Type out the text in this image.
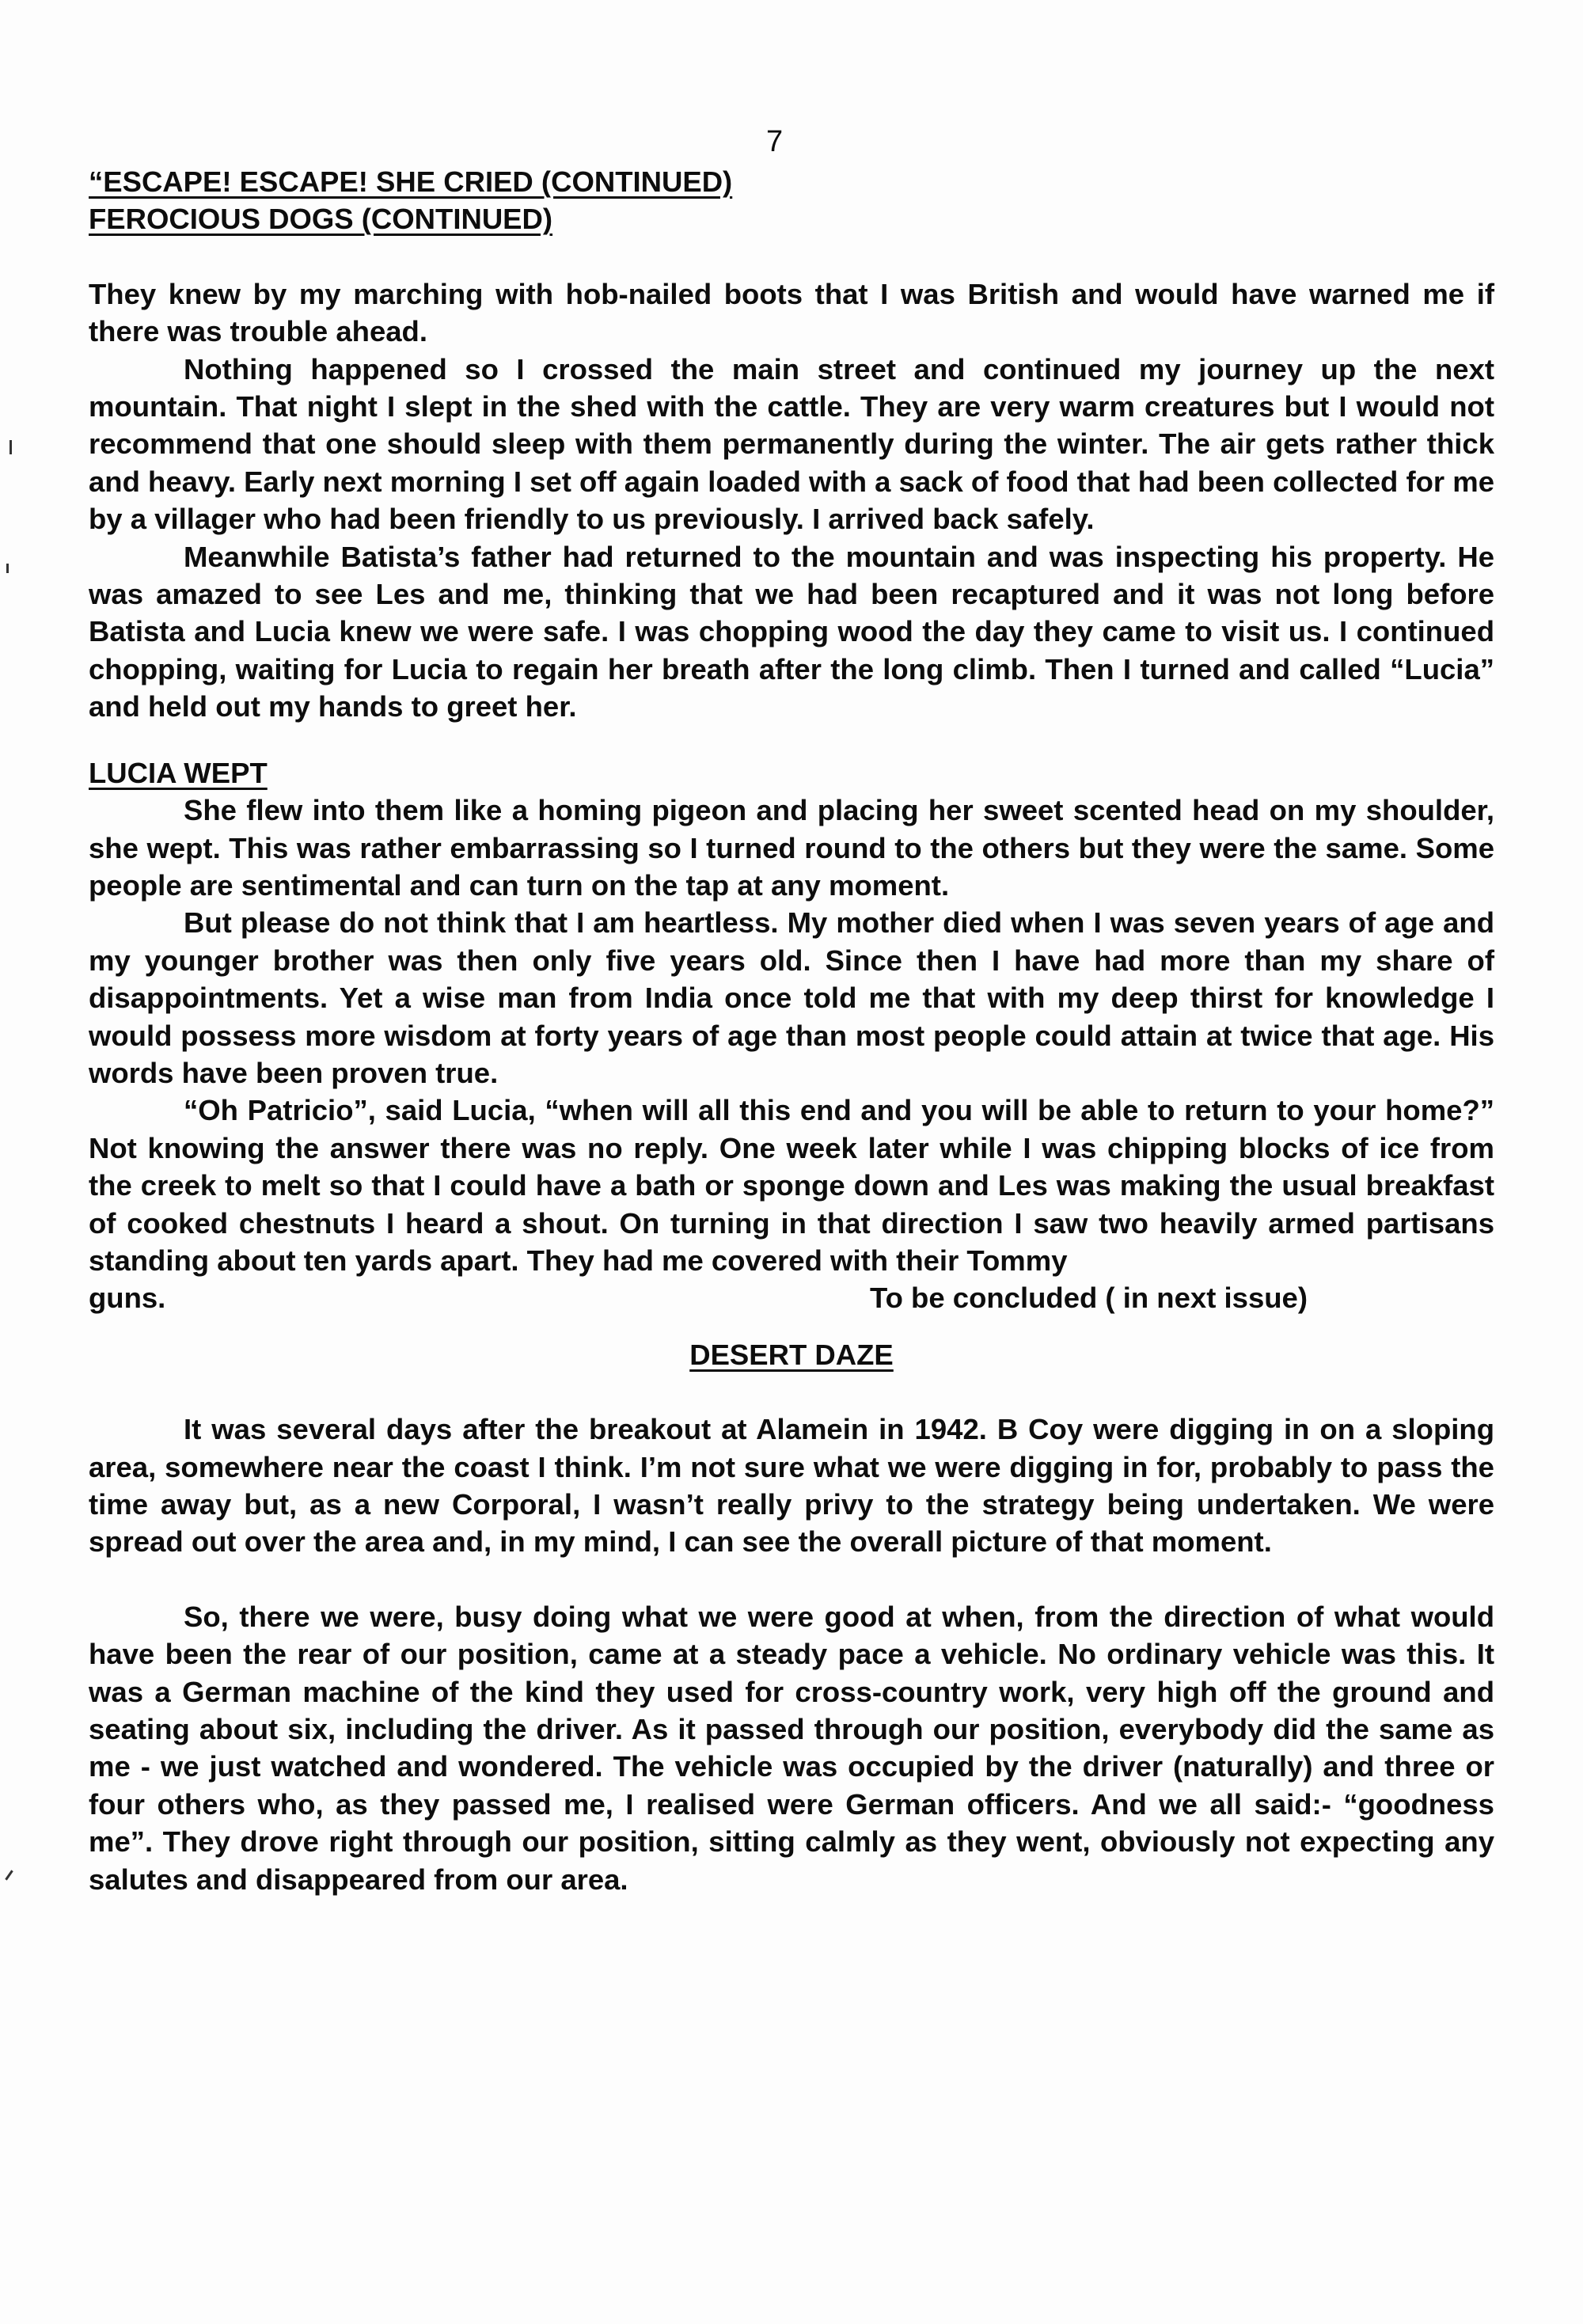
7
“ESCAPE! ESCAPE! SHE CRIED (CONTINUED)
FEROCIOUS DOGS (CONTINUED)

They knew by my marching with hob-nailed boots that I was British and would have warned me if there was trouble ahead.

Nothing happened so I crossed the main street and continued my journey up the next mountain. That night I slept in the shed with the cattle. They are very warm creatures but I would not recommend that one should sleep with them permanently during the winter. The air gets rather thick and heavy. Early next morning I set off again loaded with a sack of food that had been collected for me by a villager who had been friendly to us previously. I arrived back safely.

Meanwhile Batista’s father had returned to the mountain and was inspecting his property. He was amazed to see Les and me, thinking that we had been recaptured and it was not long before Batista and Lucia knew we were safe. I was chopping wood the day they came to visit us. I continued chopping, waiting for Lucia to regain her breath after the long climb. Then I turned and called “Lucia” and held out my hands to greet her.

LUCIA WEPT

She flew into them like a homing pigeon and placing her sweet scented head on my shoulder, she wept. This was rather embarrassing so I turned round to the others but they were the same. Some people are sentimental and can turn on the tap at any moment.

But please do not think that I am heartless. My mother died when I was seven years of age and my younger brother was then only five years old. Since then I have had more than my share of disappointments. Yet a wise man from India once told me that with my deep thirst for knowledge I would possess more wisdom at forty years of age than most people could attain at twice that age. His words have been proven true.

“Oh Patricio”, said Lucia, “when will all this end and you will be able to return to your home?” Not knowing the answer there was no reply. One week later while I was chipping blocks of ice from the creek to melt so that I could have a bath or sponge down and Les was making the usual breakfast of cooked chestnuts I heard a shout. On turning in that direction I saw two heavily armed partisans standing about ten yards apart. They had me covered with their Tommy

guns.	To be concluded ( in next issue)
DESERT DAZE

It was several days after the breakout at Alamein in 1942. B Coy were digging in on a sloping area, somewhere near the coast I think. I’m not sure what we were digging in for, probably to pass the time away but, as a new Corporal, I wasn’t really privy to the strategy being undertaken. We were spread out over the area and, in my mind, I can see the overall picture of that moment.

So, there we were, busy doing what we were good at when, from the direction of what would have been the rear of our position, came at a steady pace a vehicle. No ordinary vehicle was this. It was a German machine of the kind they used for cross-country work, very high off the ground and seating about six, including the driver. As it passed through our position, everybody did the same as me - we just watched and wondered. The vehicle was occupied by the driver (naturally) and three or four others who, as they passed me, I realised were German officers. And we all said:- “goodness me”. They drove right through our position, sitting calmly as they went, obviously not expecting any salutes and disappeared from our area.
